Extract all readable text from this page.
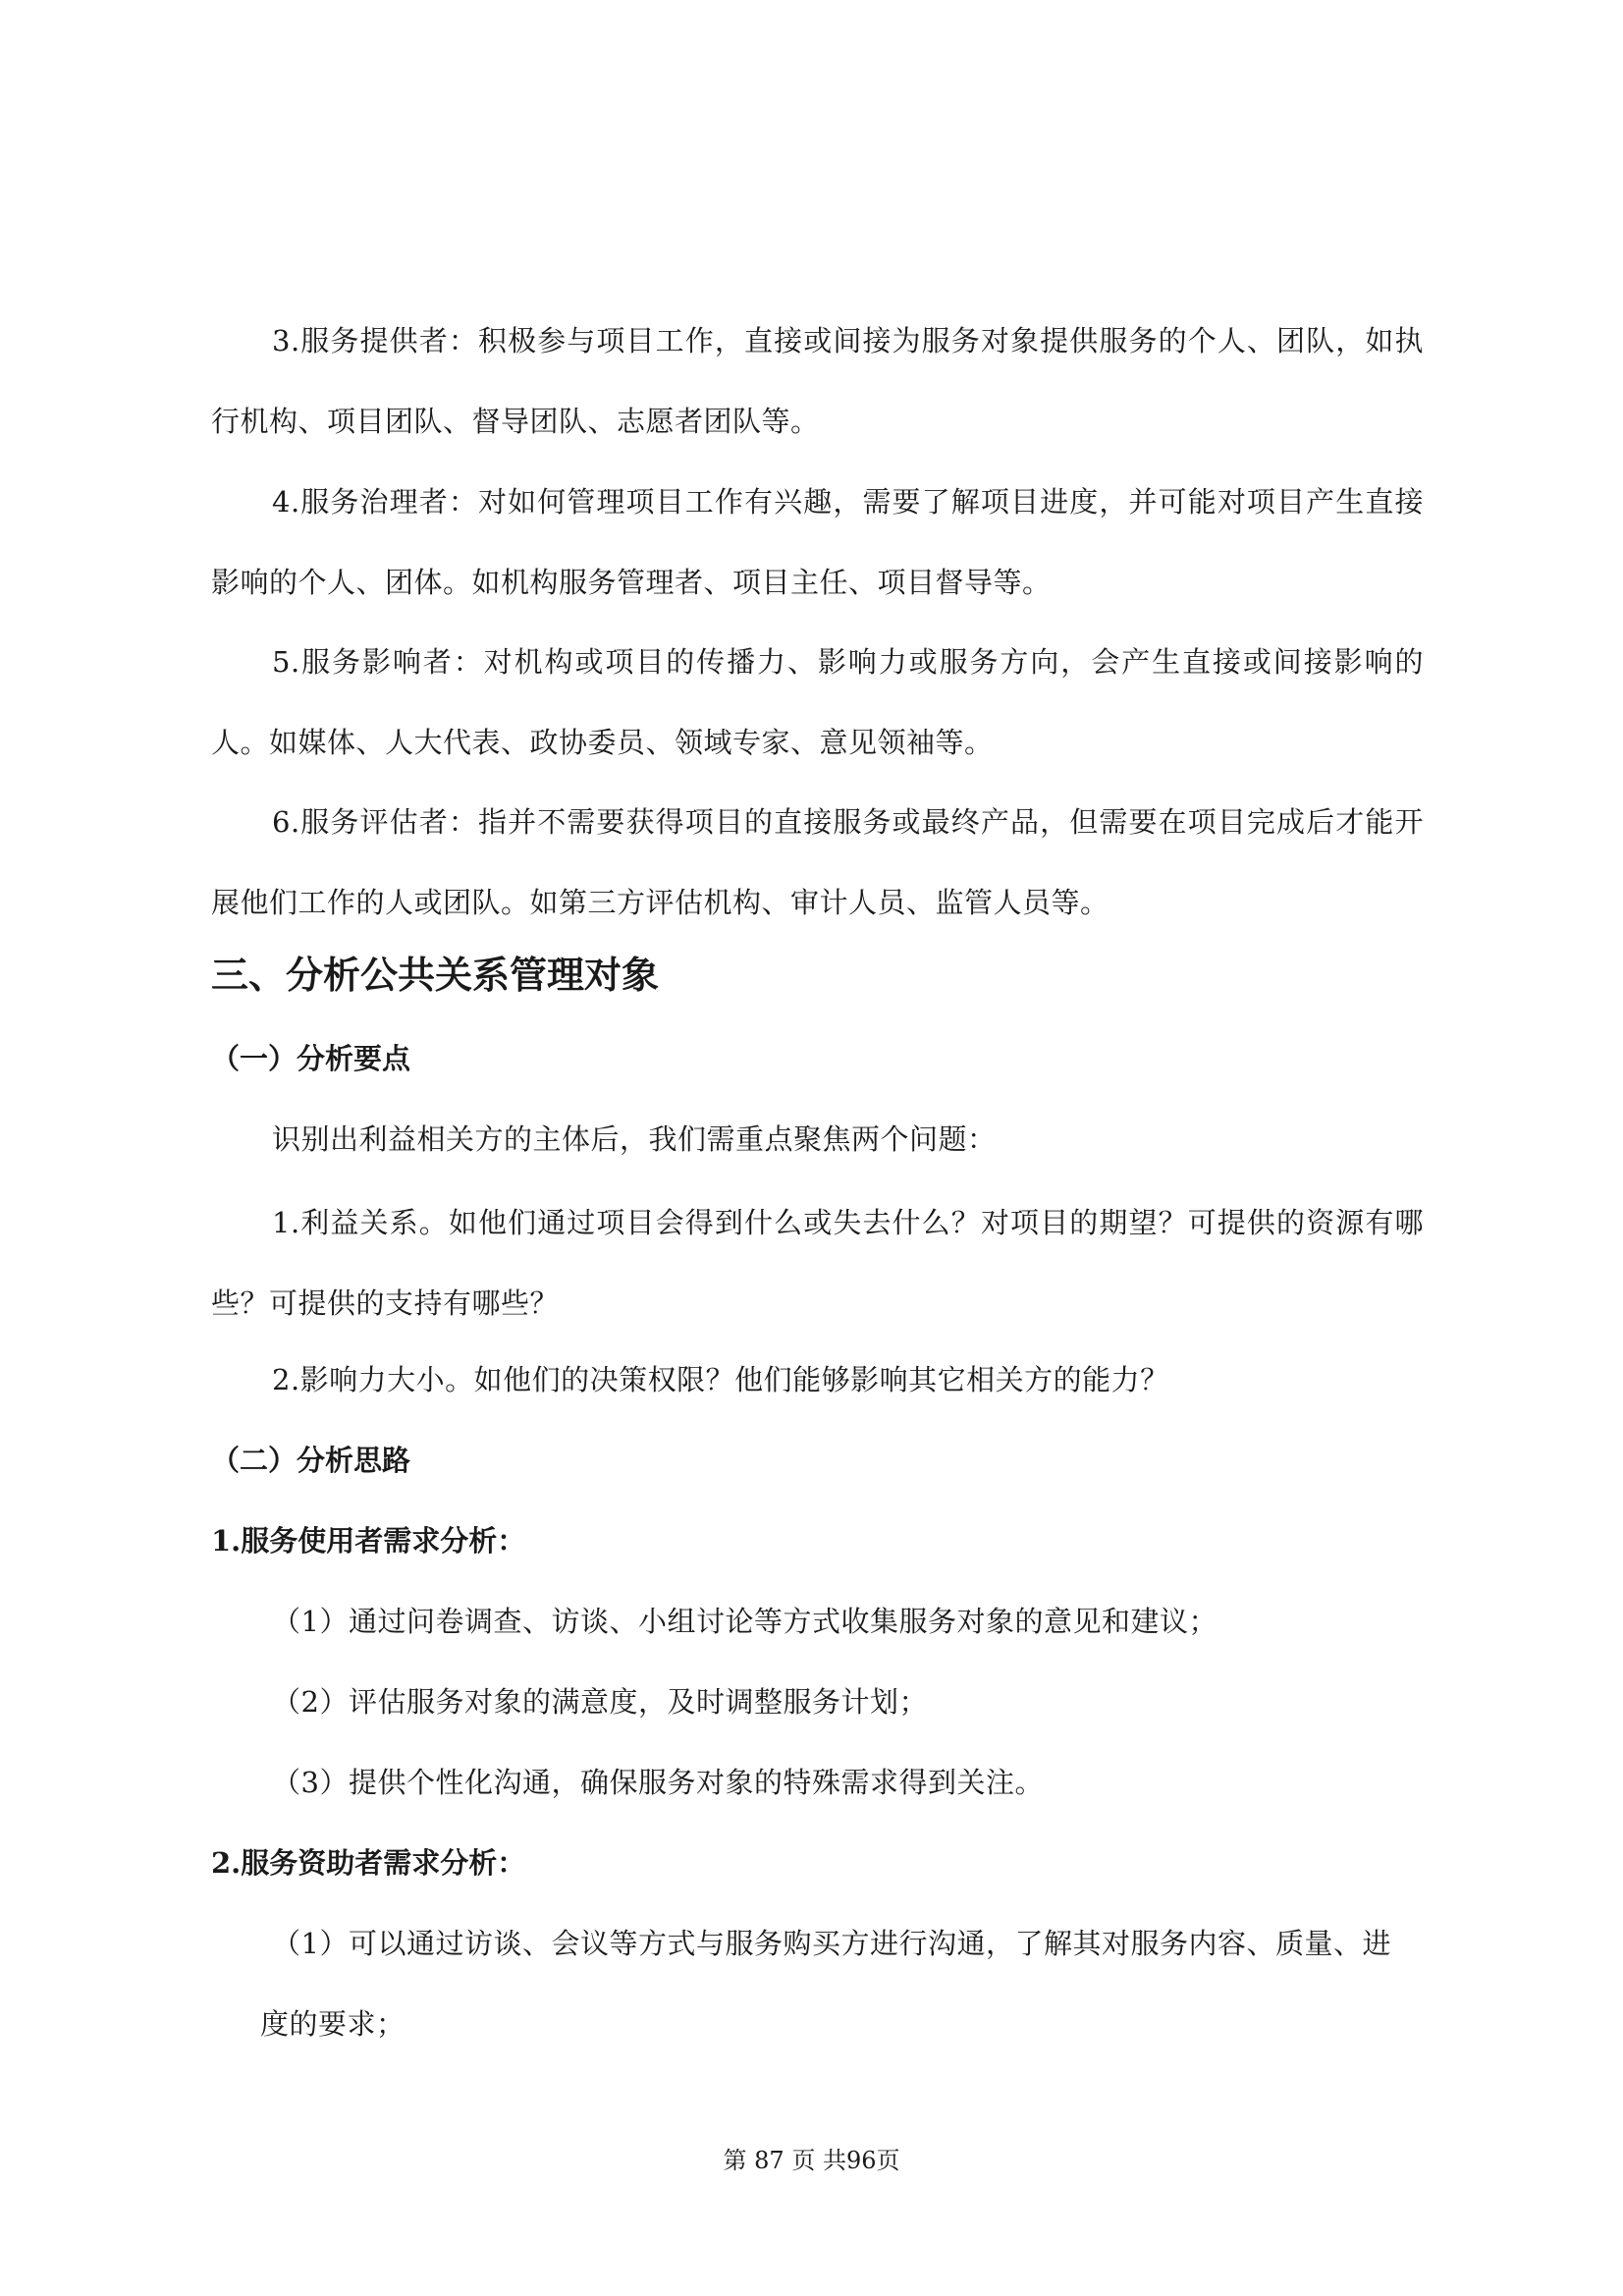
3.服务提供者：积极参与项目工作，直接或间接为服务对象提供服务的个人、团队，如执行机构、项目团队、督导团队、志愿者团队等。

4.服务治理者：对如何管理项目工作有兴趣，需要了解项目进度，并可能对项目产生直接影响的个人、团体。如机构服务管理者、项目主任、项目督导等。

5.服务影响者：对机构或项目的传播力、影响力或服务方向，会产生直接或间接影响的人。如媒体、人大代表、政协委员、领域专家、意见领袖等。

6.服务评估者：指并不需要获得项目的直接服务或最终产品，但需要在项目完成后才能开展他们工作的人或团队。如第三方评估机构、审计人员、监管人员等。

三、分析公共关系管理对象
（一）分析要点

识别出利益相关方的主体后，我们需重点聚焦两个问题：

1.利益关系。如他们通过项目会得到什么或失去什么？对项目的期望？可提供的资源有哪些？可提供的支持有哪些？

2.影响力大小。如他们的决策权限？他们能够影响其它相关方的能力？

（二）分析思路
1.服务使用者需求分析：

（1）通过问卷调查、访谈、小组讨论等方式收集服务对象的意见和建议；

（2）评估服务对象的满意度，及时调整服务计划；

（3）提供个性化沟通，确保服务对象的特殊需求得到关注。

2.服务资助者需求分析：

（1）可以通过访谈、会议等方式与服务购买方进行沟通，了解其对服务内容、质量、进

度的要求；

第 87 页 共96页
